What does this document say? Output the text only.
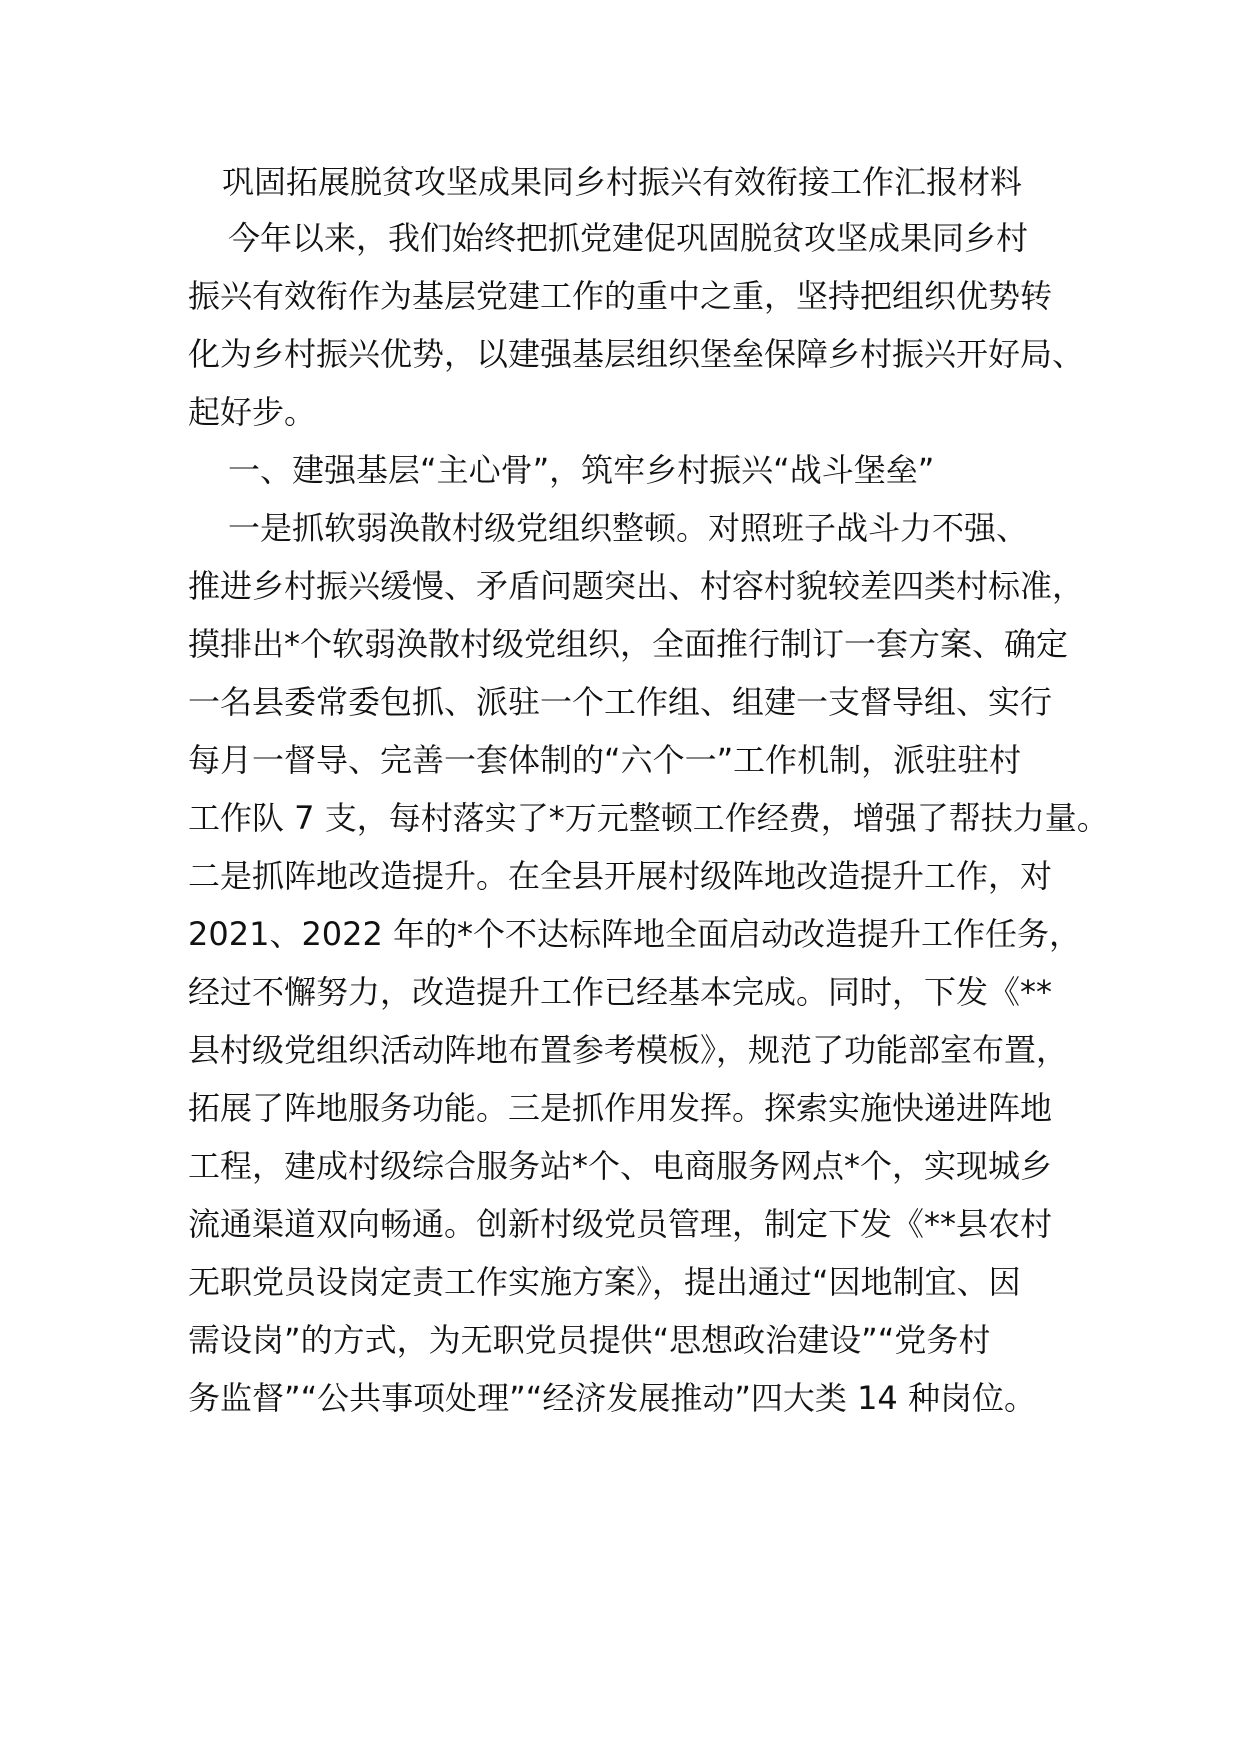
巩固拓展脱贫攻坚成果同乡村振兴有效衔接工作汇报材料
今年以来，我们始终把抓党建促巩固脱贫攻坚成果同乡村
振兴有效衔作为基层党建工作的重中之重，坚持把组织优势转
化为乡村振兴优势，以建强基层组织堡垒保障乡村振兴开好局、
起好步。
一、建强基层“主心骨”，筑牢乡村振兴“战斗堡垒”
一是抓软弱涣散村级党组织整顿。对照班子战斗力不强、
推进乡村振兴缓慢、矛盾问题突出、村容村貌较差四类村标准，
摸排出*个软弱涣散村级党组织，全面推行制订一套方案、确定
一名县委常委包抓、派驻一个工作组、组建一支督导组、实行
每月一督导、完善一套体制的“六个一”工作机制，派驻驻村
工作队 7 支，每村落实了*万元整顿工作经费，增强了帮扶力量。
二是抓阵地改造提升。在全县开展村级阵地改造提升工作，对
2021、2022 年的*个不达标阵地全面启动改造提升工作任务，
经过不懈努力，改造提升工作已经基本完成。同时，下发《**
县村级党组织活动阵地布置参考模板》，规范了功能部室布置，
拓展了阵地服务功能。三是抓作用发挥。探索实施快递进阵地
工程，建成村级综合服务站*个、电商服务网点*个，实现城乡
流通渠道双向畅通。创新村级党员管理，制定下发《**县农村
无职党员设岗定责工作实施方案》，提出通过“因地制宜、因
需设岗”的方式，为无职党员提供“思想政治建设”“党务村
务监督”“公共事项处理”“经济发展推动”四大类 14 种岗位。
